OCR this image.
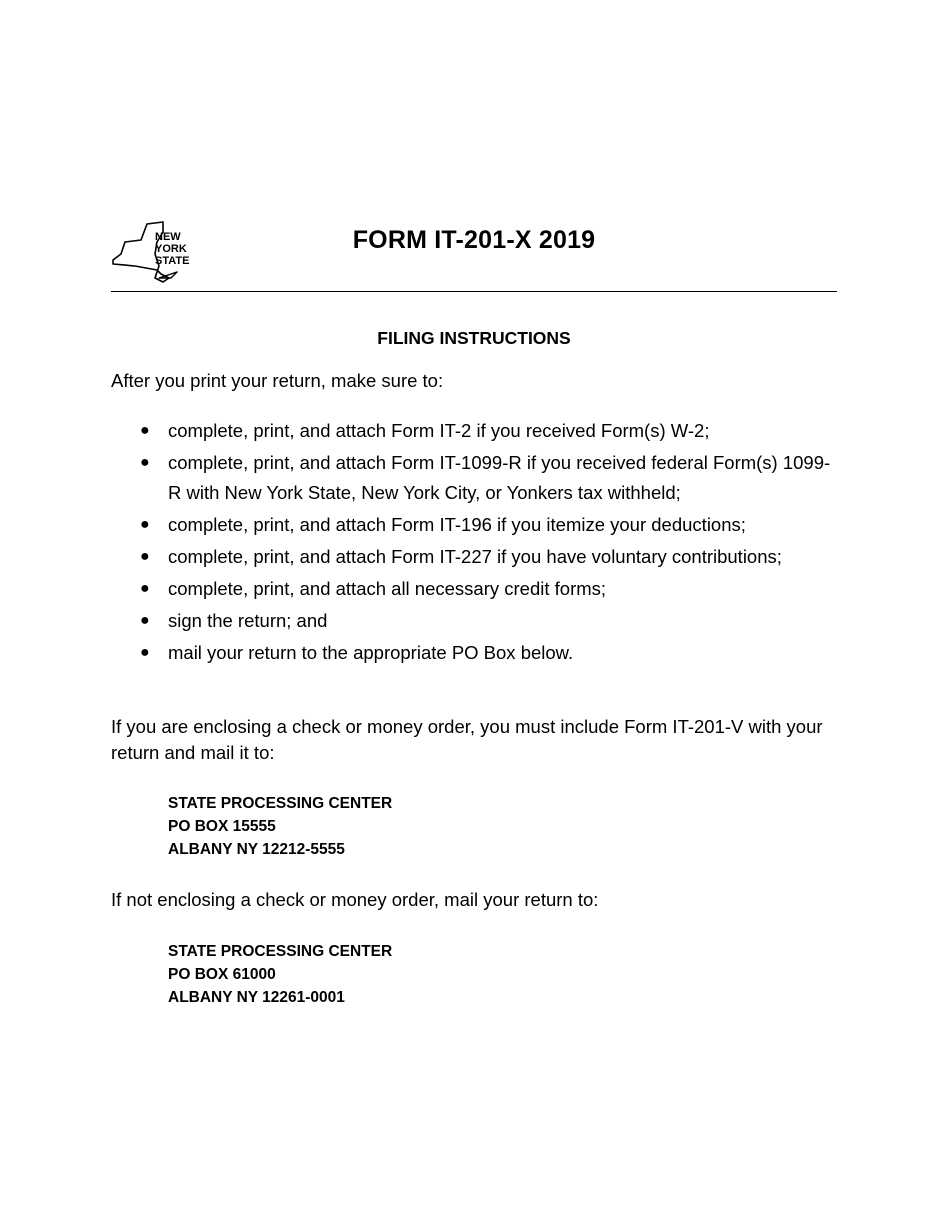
NEW
YORK
STATE
FORM IT-201-X 2019
FILING INSTRUCTIONS
After you print your return, make sure to:
● complete, print, and attach Form IT-2 if you received Form(s) W-2;
● complete, print, and attach Form IT-1099-R if you received federal Form(s) 1099-R with New York State, New York City, or Yonkers tax withheld;
● complete, print, and attach Form IT-196 if you itemize your deductions;
● complete, print, and attach Form IT-227 if you have voluntary contributions;
● complete, print, and attach all necessary credit forms;
● sign the return; and
● mail your return to the appropriate PO Box below.
If you are enclosing a check or money order, you must include Form IT-201-V with your return and mail it to:
STATE PROCESSING CENTER
PO BOX 15555
ALBANY NY 12212-5555
If not enclosing a check or money order, mail your return to:
STATE PROCESSING CENTER
PO BOX 61000
ALBANY NY 12261-0001
